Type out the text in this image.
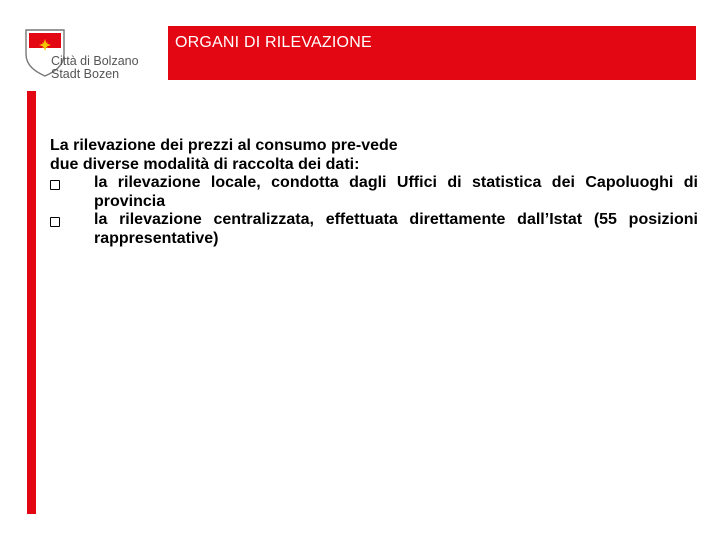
ORGANI DI RILEVAZIONE
Città di Bolzano
Stadt Bozen

La rilevazione dei prezzi al consumo pre-vede due diverse modalità di raccolta dei dati:

la rilevazione locale, condotta dagli Uffici di statistica dei Capoluoghi di provincia
la rilevazione centralizzata, effettuata direttamente dall’Istat (55 posizioni rappresentative)
